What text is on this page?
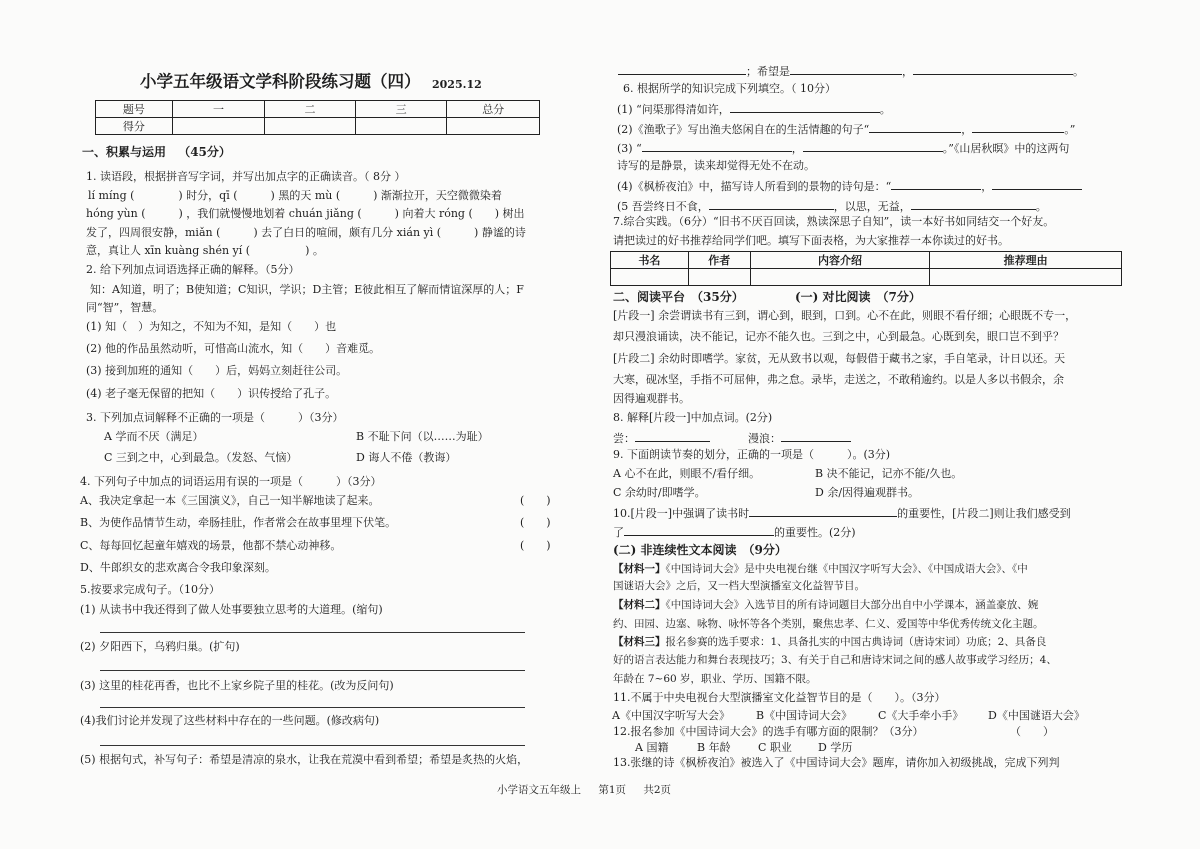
小学五年级语文学科阶段练习题（四） 2025.12
题号	一	二	三	总分
得分				
一、积累与运用 （45分）
1. 读语段，根据拼音写字词，并写出加点字的正确读音。（ 8分 ）
lí míng (　　　　) 时分，qī (　　　) 黑的天 mù (　　　) 渐渐拉开，天空微微染着
hóng yùn (　　　) ，我们就慢慢地划着 chuán jiǎng (　　　) 向着大 róng (　　) 树出
发了，四周很安静，miǎn (　　　) 去了白日的喧闹，颇有几分 xián yì (　　　) 静谧的诗
意，真让人 xīn kuàng shén yí (　　　　　) 。
2. 给下列加点词语选择正确的解释。（5分）
知：A知道，明了；B使知道；C知识，学识；D主管；E彼此相互了解而情谊深厚的人；F
同“智”，智慧。
(1) 知（　）为知之，不知为不知，是知（　　）也
(2) 他的作品虽然动听，可惜高山流水，知（　　）音难觅。
(3) 接到加班的通知（　　）后，妈妈立刻赶往公司。
(4) 老子毫无保留的把知（　　）识传授给了孔子。
3. 下列加点词解释不正确的一项是（　　　）（3分）
A 学而不厌（满足）	B 不耻下问（以……为耻）
C 三到之中，心到最急。（发怒、气恼）	D 诲人不倦（教诲）
4. 下列句子中加点的词语运用有误的一项是（　　　）（3分）
A、我决定拿起一本《三国演义》，自己一知半解地读了起来。	(　　)
B、为使作品情节生动，牵肠挂肚，作者常会在故事里埋下伏笔。	(　　)
C、每每回忆起童年嬉戏的场景，他都不禁心动神移。	(　　)
D、牛郎织女的悲欢离合令我印象深刻。
5.按要求完成句子。（10分）
(1) 从读书中我还得到了做人处事要独立思考的大道理。(缩句)
(2) 夕阳西下，乌鸦归巢。(扩句)
(3) 这里的桂花再香，也比不上家乡院子里的桂花。(改为反问句)
(4)我们讨论并发现了这些材料中存在的一些问题。(修改病句)
(5) 根据句式，补写句子：希望是清凉的泉水，让我在荒漠中看到希望；希望是炙热的火焰，
小学语文五年级上 第1页 共2页
；希望是	，	。
6. 根据所学的知识完成下列填空。（ 10分）
(1) “问渠那得清如许，	。
(2)《渔歌子》写出渔夫悠闲自在的生活情趣的句子“	，	。”
(3) “	，	。”《山居秋暝》中的这两句
诗写的是静景，读来却觉得无处不在动。
(4)《枫桥夜泊》中，描写诗人所看到的景物的诗句是：“	，
(5 吾尝终日不食，	，以思，无益，	。
7.综合实践。（6分）“旧书不厌百回读，熟读深思子自知”，读一本好书如同结交一个好友。
请把读过的好书推荐给同学们吧。填写下面表格，为大家推荐一本你读过的好书。
书名	作者	内容介绍	推荐理由

二、阅读平台　（35分）	(一) 对比阅读　（7分）
[片段一] 余尝谓读书有三到，谓心到，眼到，口到。心不在此，则眼不看仔细；心眼既不专一，
却只漫浪诵读，决不能记，记亦不能久也。三到之中，心到最急。心既到矣，眼口岂不到乎？
[片段二] 余幼时即嗜学。家贫，无从致书以观，每假借于藏书之家，手自笔录，计日以还。天
大寒，砚冰坚，手指不可屈伸，弗之怠。录毕，走送之，不敢稍逾约。以是人多以书假余，余
因得遍观群书。
8. 解释[片段一]中加点词。(2分)
尝：	漫浪：
9. 下面朗读节奏的划分，正确的一项是（　　　）。(3分)
A 心不在此，则眼不/看仔细。	B 决不能记，记亦不能/久也。
C 余幼时/即嗜学。	D 余/因得遍观群书。
10.[片段一]中强调了读书时	的重要性，[片段二]则让我们感受到
了	的重要性。(2分)
(二) 非连续性文本阅读　（9分）
【材料一】《中国诗词大会》是中央电视台继《中国汉字听写大会》、《中国成语大会》、《中
国谜语大会》之后，又一档大型演播室文化益智节目。
【材料二】《中国诗词大会》入选节目的所有诗词题目大部分出自中小学课本，涵盖豪放、婉
约、田园、边塞、咏物、咏怀等各个类别，聚焦忠孝、仁义、爱国等中华优秀传统文化主题。
【材料三】报名参赛的选手要求：1、具备扎实的中国古典诗词（唐诗宋词）功底；2、具备良
好的语言表达能力和舞台表现技巧；3、有关于自己和唐诗宋词之间的感人故事或学习经历；4、
年龄在 7~60 岁，职业、学历、国籍不限。
11.不属于中央电视台大型演播室文化益智节目的是（　　）。（3分）
A《中国汉字听写大会》 B《中国诗词大会》 C《大手牵小手》 D《中国谜语大会》
12.报名参加《中国诗词大会》的选手有哪方面的限制？（3分）	（　　）
A 国籍	B 年龄 C 职业 D 学历
13.张继的诗《枫桥夜泊》被选入了《中国诗词大会》题库，请你加入初级挑战，完成下列判
